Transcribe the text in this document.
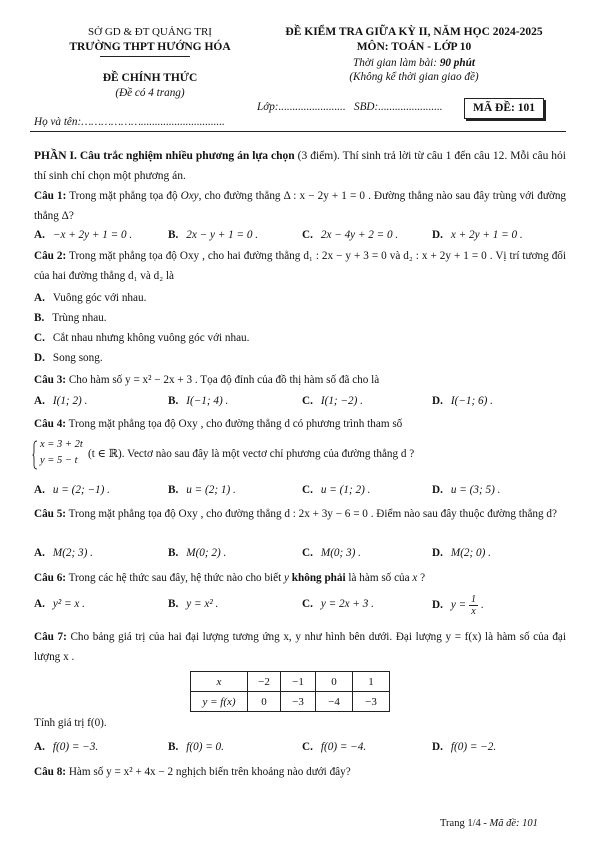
SỞ GD & ĐT QUẢNG TRỊ
TRƯỜNG THPT HƯỚNG HÓA
ĐỀ CHÍNH THỨC
(Đề có 4 trang)
ĐỀ KIỂM TRA GIỮA KỲ II, NĂM HỌC 2024-2025
MÔN: TOÁN - LỚP 10
Thời gian làm bài: 90 phút
(Không kể thời gian giao đề)
Lớp:........................ SBD:.......................	MÃ ĐỀ: 101
Họ và tên:………………..............................
PHẦN I. Câu trắc nghiệm nhiều phương án lựa chọn (3 điểm). Thí sinh trả lời từ câu 1 đến câu 12. Mỗi câu hỏi thí sinh chỉ chọn một phương án.
Câu 1: Trong mặt phẳng tọa độ Oxy, cho đường thẳng Δ : x − 2y + 1 = 0 . Đường thẳng nào sau đây trùng với đường thẳng Δ?
A. −x + 2y + 1 = 0 .	B. 2x − y + 1 = 0 .	C. 2x − 4y + 2 = 0 .	D. x + 2y + 1 = 0 .
Câu 2: Trong mặt phẳng tọa độ Oxy , cho hai đường thẳng d₁ : 2x − y + 3 = 0 và d₂ : x + 2y + 1 = 0 . Vị trí tương đối của hai đường thẳng d₁ và d₂ là
A. Vuông góc với nhau.
B. Trùng nhau.
C. Cắt nhau nhưng không vuông góc với nhau.
D. Song song.
Câu 3: Cho hàm số y = x² − 2x + 3 . Tọa độ đỉnh của đồ thị hàm số đã cho là
A. I(1; 2) .	B. I(−1; 4) .	C. I(1; −2) .	D. I(−1; 6) .
Câu 4: Trong mặt phẳng tọa độ Oxy , cho đường thẳng d có phương trình tham số
x = 3 + 2t
y = 5 − t
(t ∈ ℝ). Vectơ nào sau đây là một vectơ chỉ phương của đường thẳng d ?
A. u = (2; −1) .	B. u = (2; 1) .	C. u = (1; 2) .	D. u = (3; 5) .
Câu 5: Trong mặt phẳng tọa độ Oxy , cho đường thẳng d : 2x + 3y − 6 = 0 . Điểm nào sau đây thuộc đường thẳng d?
A. M(2; 3) .	B. M(0; 2) .	C. M(0; 3) .	D. M(2; 0) .
Câu 6: Trong các hệ thức sau đây, hệ thức nào cho biết y không phải là hàm số của x ?
A. y² = x .	B. y = x² .	C. y = 2x + 3 .	D. $y = \frac{1}{x}$ .
Câu 7: Cho bảng giá trị của hai đại lượng tương ứng x, y như hình bên dưới. Đại lượng y = f(x) là hàm số của đại lượng x .
x	−2	−1	0	1
y = f(x)	0	−3	−4	−3
Tính giá trị f(0).
A. f(0) = −3.	B. f(0) = 0.	C. f(0) = −4.	D. f(0) = −2.
Câu 8: Hàm số y = x² + 4x − 2 nghịch biến trên khoảng nào dưới đây?
Trang 1/4 - Mã đề: 101
